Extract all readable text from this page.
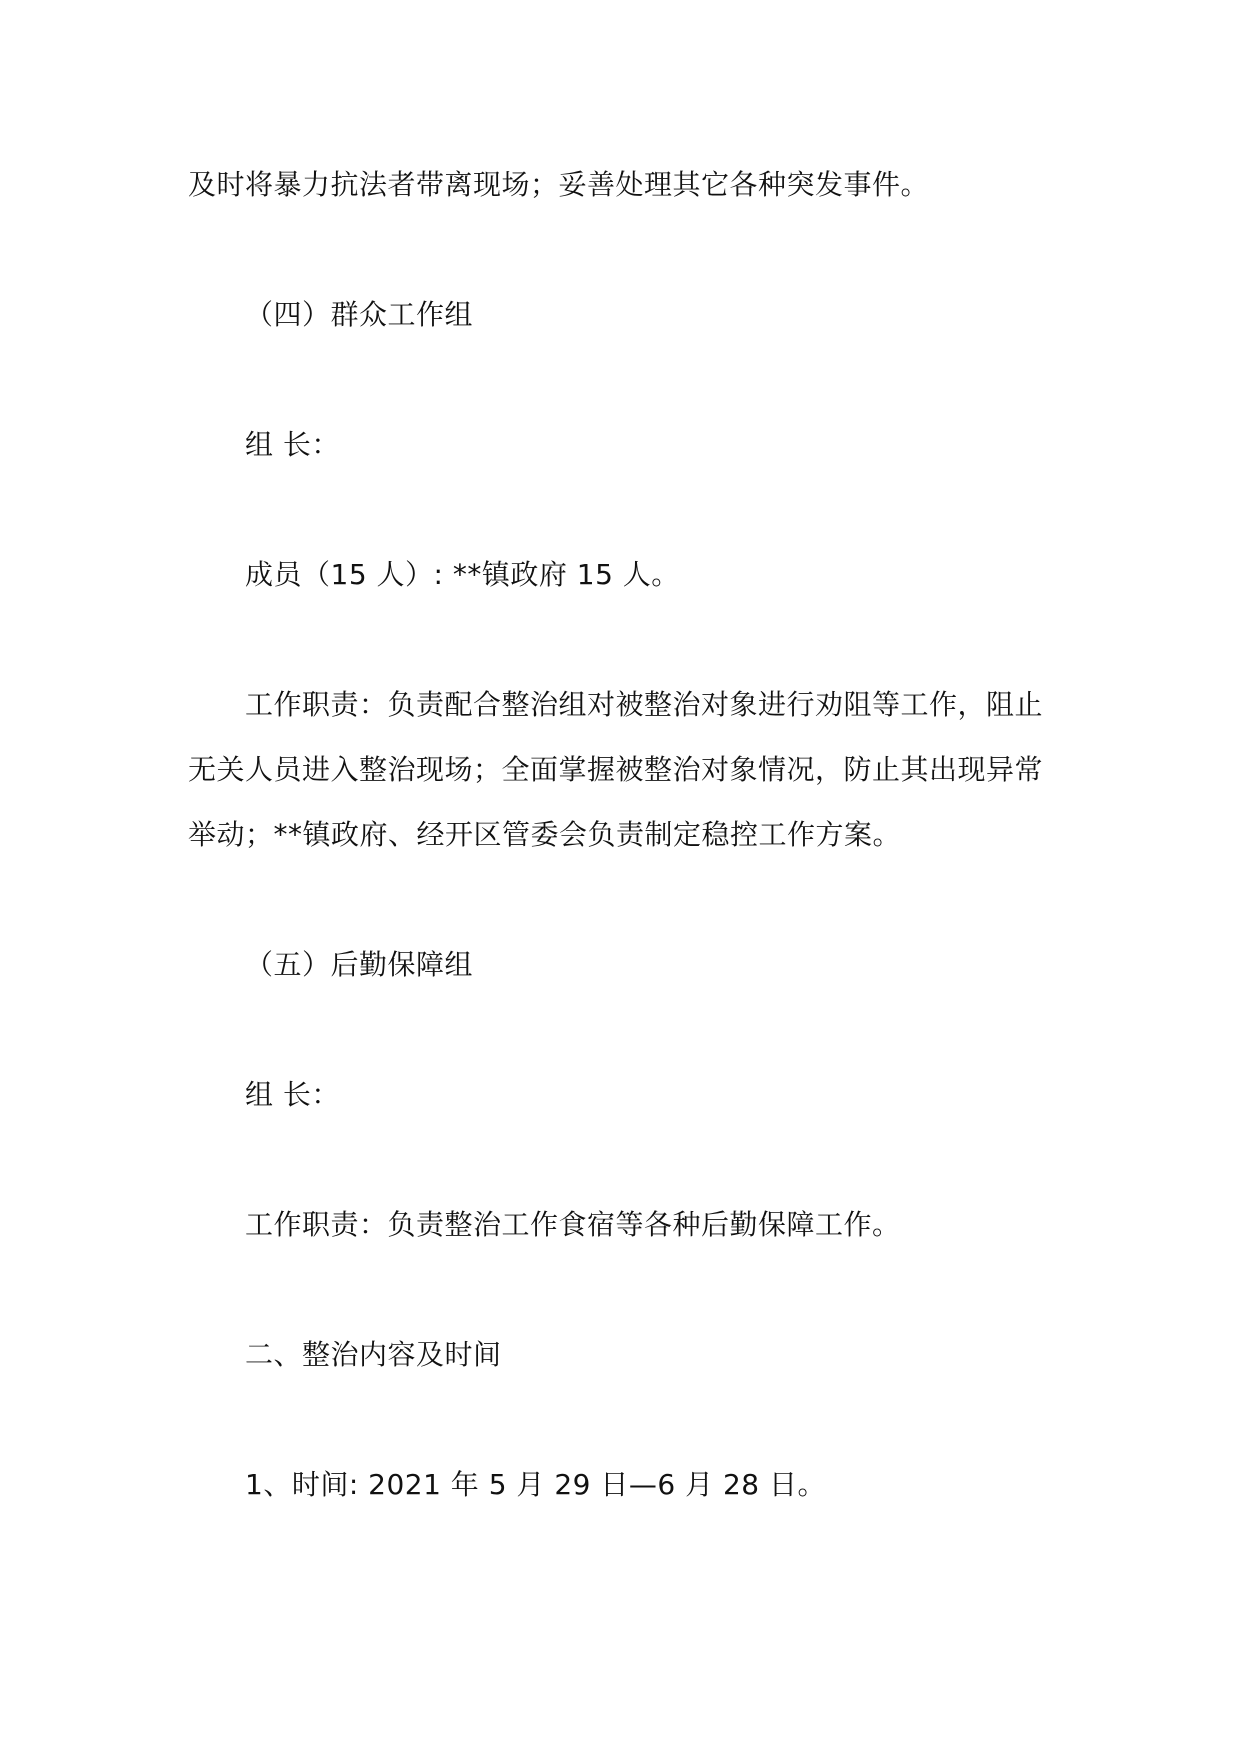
及时将暴力抗法者带离现场；妥善处理其它各种突发事件。
（四）群众工作组
组 长：
成员（15 人）: **镇政府 15 人。
工作职责：负责配合整治组对被整治对象进行劝阻等工作，阻止
无关人员进入整治现场；全面掌握被整治对象情况，防止其出现异常
举动；**镇政府、经开区管委会负责制定稳控工作方案。
（五）后勤保障组
组 长：
工作职责：负责整治工作食宿等各种后勤保障工作。
二、整治内容及时间
1、时间: 2021 年 5 月 29 日—6 月 28 日。
